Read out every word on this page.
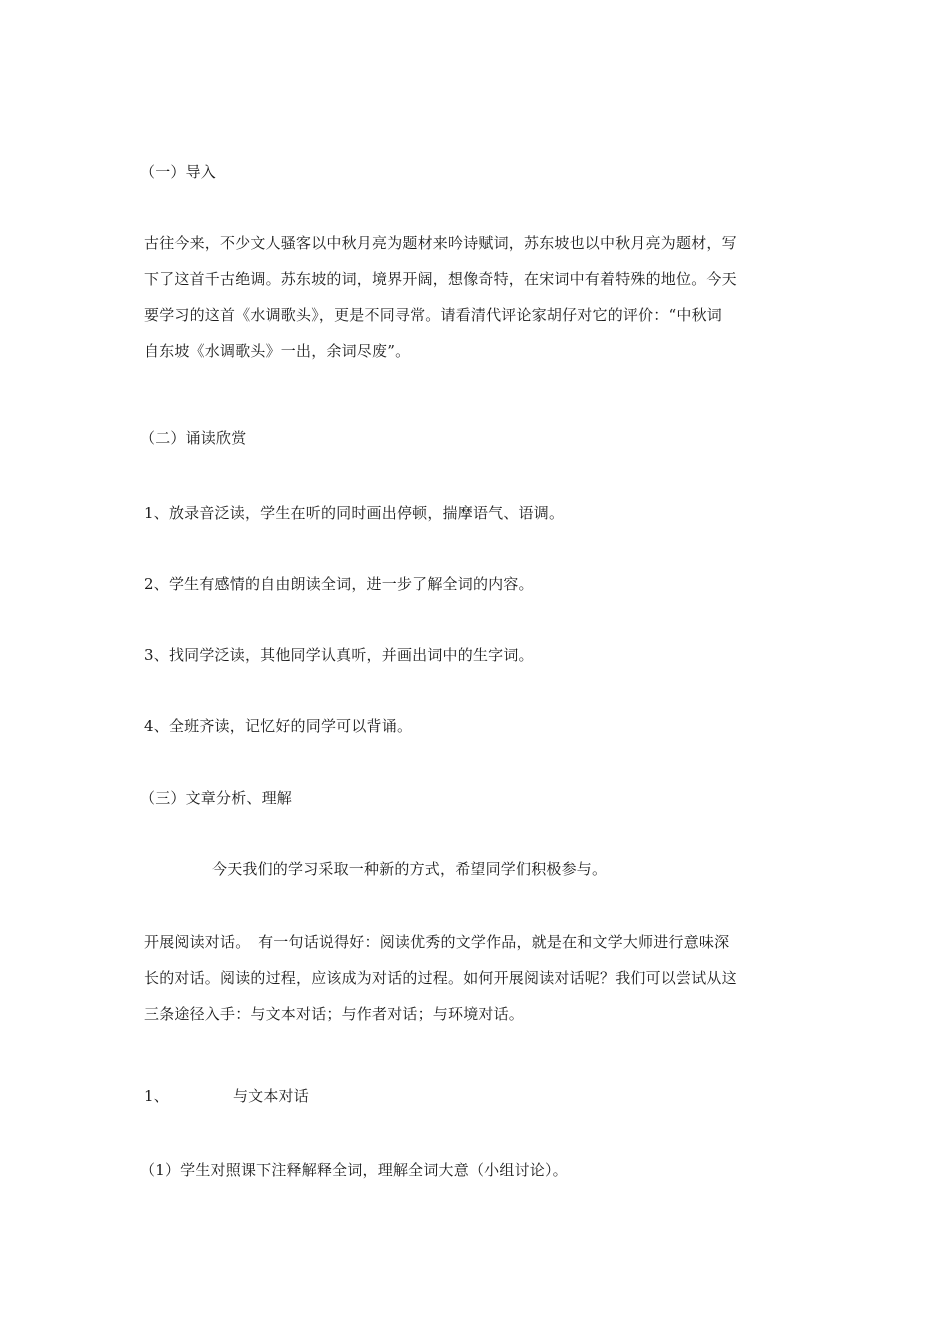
（一）导入
古往今来，不少文人骚客以中秋月亮为题材来吟诗赋词，苏东坡也以中秋月亮为题材，写
下了这首千古绝调。苏东坡的词，境界开阔，想像奇特，在宋词中有着特殊的地位。今天
要学习的这首《水调歌头》，更是不同寻常。请看清代评论家胡仔对它的评价：“中秋词
自东坡《水调歌头》一出，余词尽废”。
（二）诵读欣赏
1、放录音泛读，学生在听的同时画出停顿，揣摩语气、语调。
2、学生有感情的自由朗读全词，进一步了解全词的内容。
3、找同学泛读，其他同学认真听，并画出词中的生字词。
4、全班齐读，记忆好的同学可以背诵。
（三）文章分析、理解
今天我们的学习采取一种新的方式，希望同学们积极参与。
开展阅读对话。　有一句话说得好：阅读优秀的文学作品，就是在和文学大师进行意味深
长的对话。阅读的过程，应该成为对话的过程。如何开展阅读对话呢？我们可以尝试从这
三条途径入手：与文本对话；与作者对话；与环境对话。
1、	与文本对话
（1）学生对照课下注释解释全词，理解全词大意（小组讨论）。
